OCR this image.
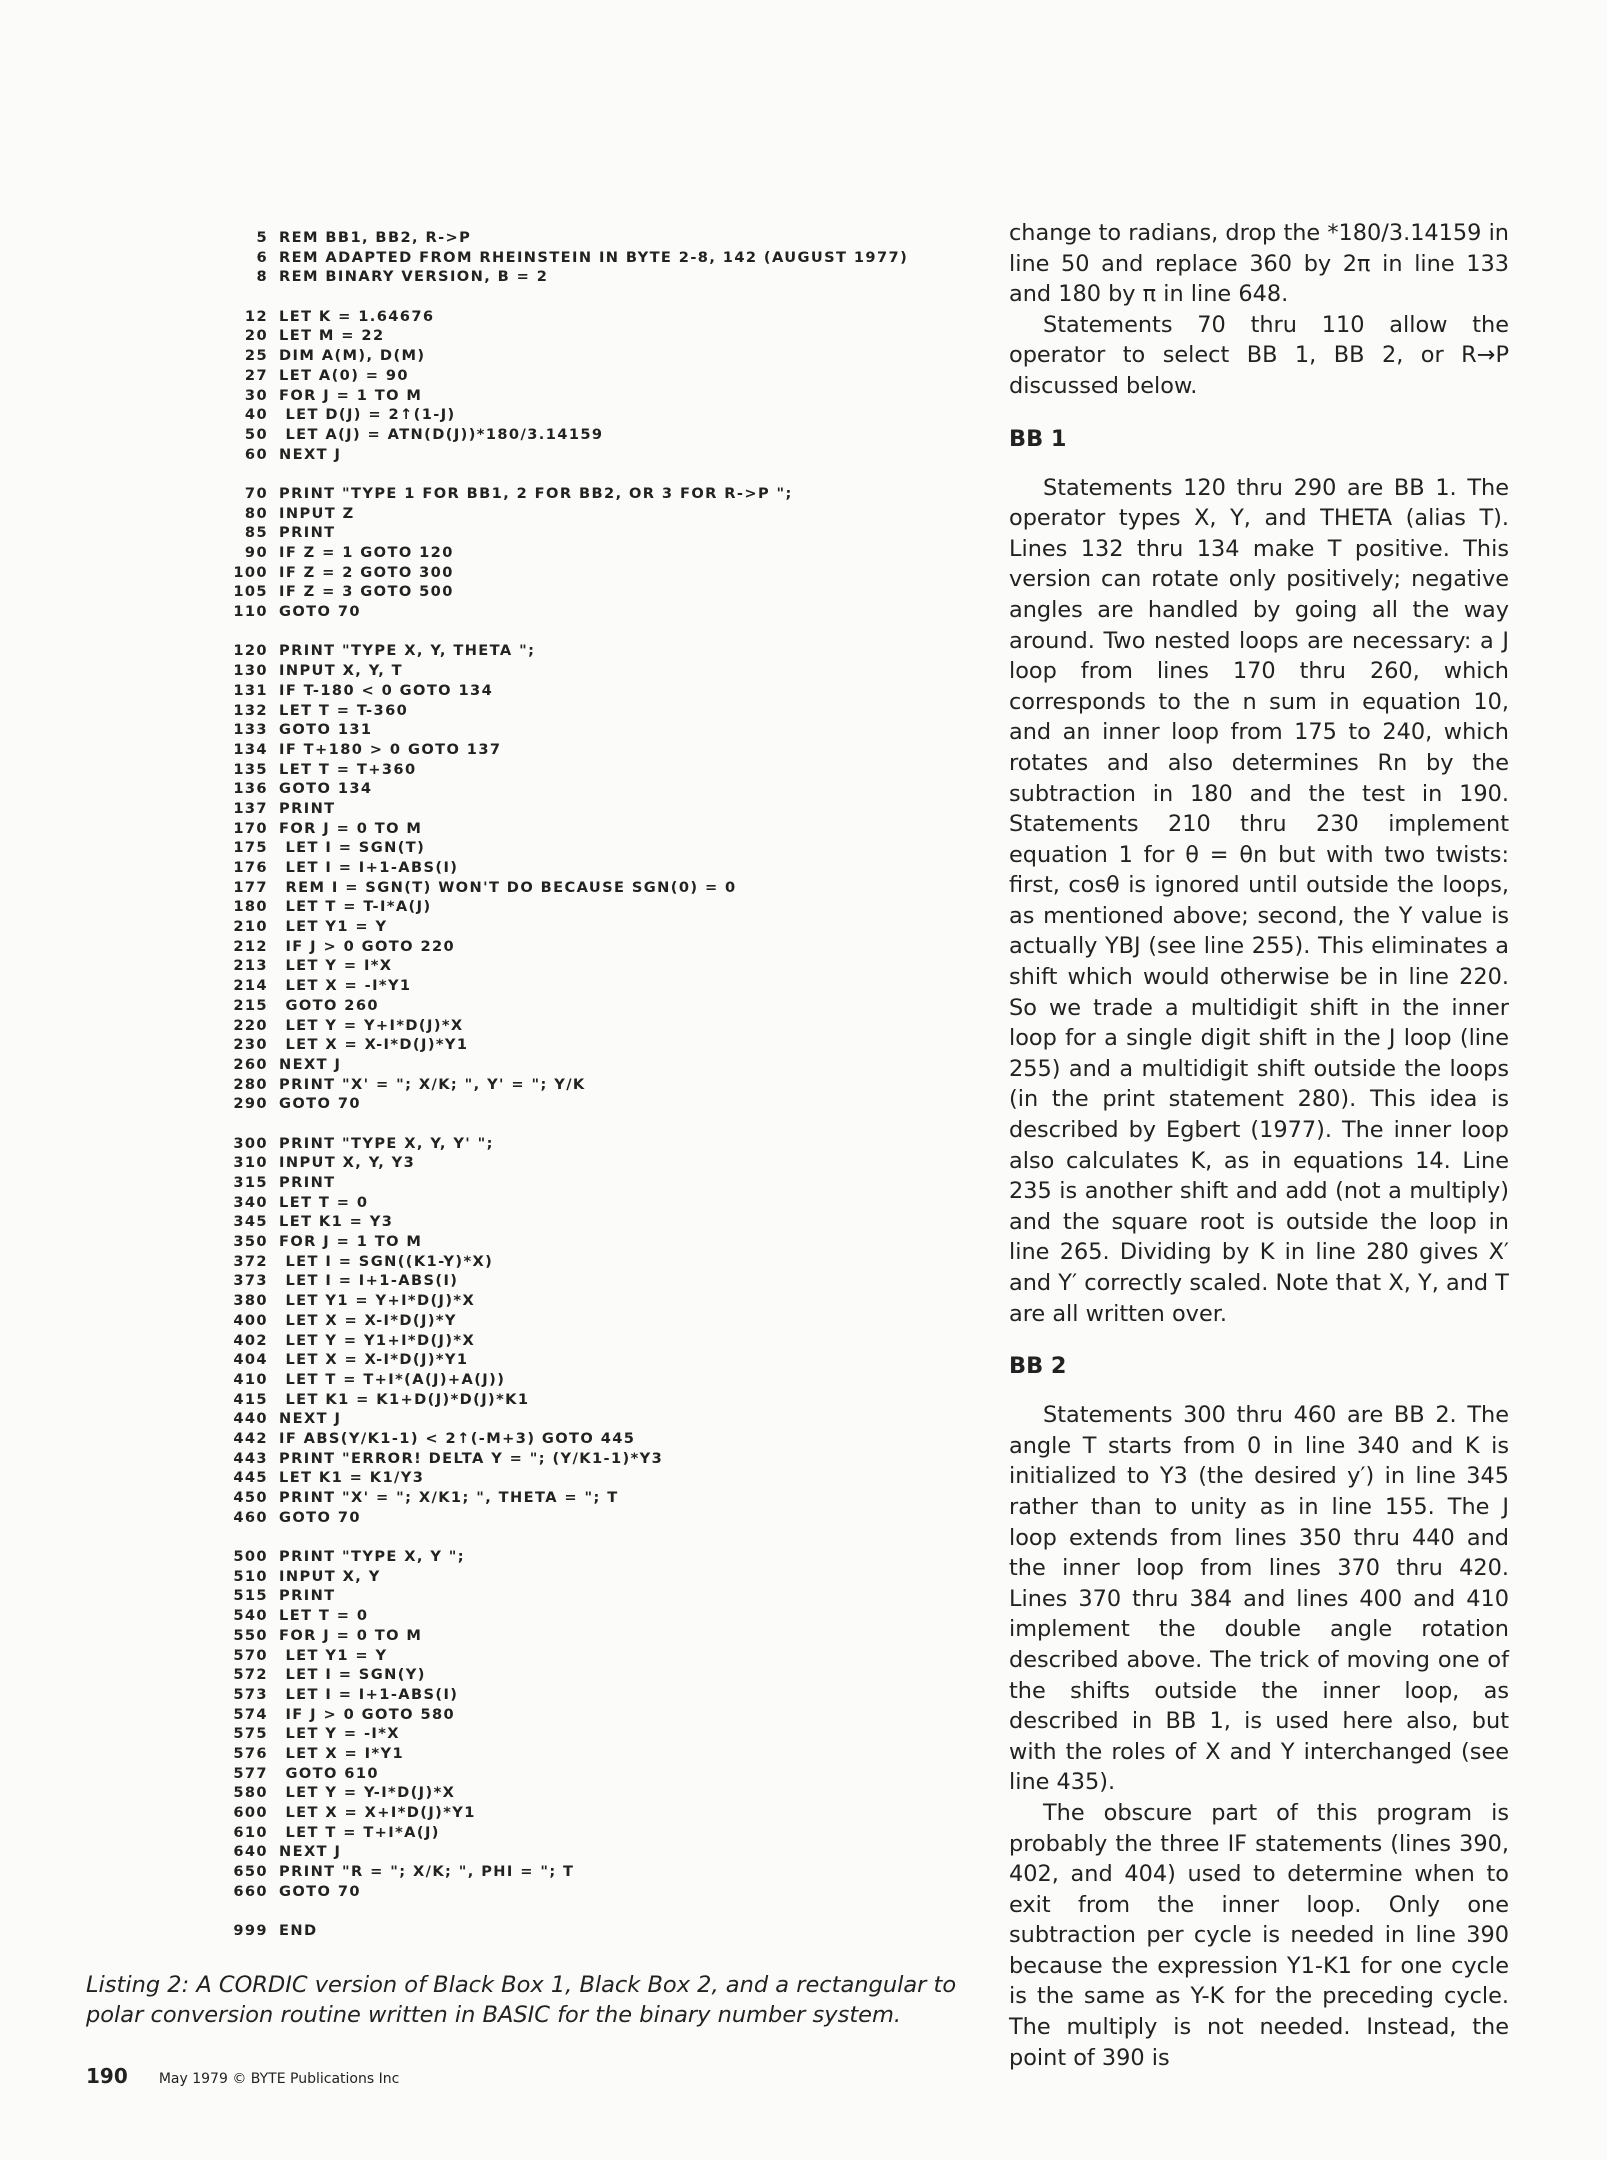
5 REM BB1, BB2, R->P
6 REM ADAPTED FROM RHEINSTEIN IN BYTE 2-8, 142 (AUGUST 1977)
8 REM BINARY VERSION, B = 2
12 LET K = 1.64676
20 LET M = 22
25 DIM A(M), D(M)
27 LET A(0) = 90
30 FOR J = 1 TO M
40 LET D(J) = 2↑(1-J)
50 LET A(J) = ATN(D(J))*180/3.14159
60 NEXT J
70 PRINT "TYPE 1 FOR BB1, 2 FOR BB2, OR 3 FOR R->P ";
80 INPUT Z
85 PRINT
90 IF Z = 1 GOTO 120
100 IF Z = 2 GOTO 300
105 IF Z = 3 GOTO 500
110 GOTO 70
120 PRINT "TYPE X, Y, THETA ";
130 INPUT X, Y, T
131 IF T-180 < 0 GOTO 134
132 LET T = T-360
133 GOTO 131
134 IF T+180 > 0 GOTO 137
135 LET T = T+360
136 GOTO 134
137 PRINT
170 FOR J = 0 TO M
175 LET I = SGN(T)
176 LET I = I+1-ABS(I)
177 REM I = SGN(T) WON'T DO BECAUSE SGN(0) = 0
180 LET T = T-I*A(J)
210 LET Y1 = Y
212 IF J > 0 GOTO 220
213 LET Y = I*X
214 LET X = -I*Y1
215 GOTO 260
220 LET Y = Y+I*D(J)*X
230 LET X = X-I*D(J)*Y1
260 NEXT J
280 PRINT "X' = "; X/K; ", Y' = "; Y/K
290 GOTO 70
300 PRINT "TYPE X, Y, Y' ";
310 INPUT X, Y, Y3
315 PRINT
340 LET T = 0
345 LET K1 = Y3
350 FOR J = 1 TO M
372 LET I = SGN((K1-Y)*X)
373 LET I = I+1-ABS(I)
380 LET Y1 = Y+I*D(J)*X
400 LET X = X-I*D(J)*Y
402 LET Y = Y1+I*D(J)*X
404 LET X = X-I*D(J)*Y1
410 LET T = T+I*(A(J)+A(J))
415 LET K1 = K1+D(J)*D(J)*K1
440 NEXT J
442 IF ABS(Y/K1-1) < 2↑(-M+3) GOTO 445
443 PRINT "ERROR! DELTA Y = "; (Y/K1-1)*Y3
445 LET K1 = K1/Y3
450 PRINT "X' = "; X/K1; ", THETA = "; T
460 GOTO 70
500 PRINT "TYPE X, Y ";
510 INPUT X, Y
515 PRINT
540 LET T = 0
550 FOR J = 0 TO M
570 LET Y1 = Y
572 LET I = SGN(Y)
573 LET I = I+1-ABS(I)
574 IF J > 0 GOTO 580
575 LET Y = -I*X
576 LET X = I*Y1
577 GOTO 610
580 LET Y = Y-I*D(J)*X
600 LET X = X+I*D(J)*Y1
610 LET T = T+I*A(J)
640 NEXT J
650 PRINT "R = "; X/K; ", PHI = "; T
660 GOTO 70
999 END
Listing 2: A CORDIC version of Black Box 1, Black Box 2, and a rectangular to polar conversion routine written in BASIC for the binary number system.
190 May 1979 © BYTE Publications Inc

change to radians, drop the *180/3.14159 in line 50 and replace 360 by 2π in line 133 and 180 by π in line 648.

Statements 70 thru 110 allow the operator to select BB 1, BB 2, or R→P discussed below.

BB 1

Statements 120 thru 290 are BB 1. The operator types X, Y, and THETA (alias T). Lines 132 thru 134 make T positive. This version can rotate only positively; negative angles are handled by going all the way around. Two nested loops are necessary: a J loop from lines 170 thru 260, which corresponds to the n sum in equation 10, and an inner loop from 175 to 240, which rotates and also determines Rn by the subtraction in 180 and the test in 190. Statements 210 thru 230 implement equation 1 for θ = θn but with two twists: first, cosθ is ignored until outside the loops, as mentioned above; second, the Y value is actually YBJ (see line 255). This eliminates a shift which would otherwise be in line 220. So we trade a multidigit shift in the inner loop for a single digit shift in the J loop (line 255) and a multidigit shift outside the loops (in the print statement 280). This idea is described by Egbert (1977). The inner loop also calculates K, as in equations 14. Line 235 is another shift and add (not a multiply) and the square root is outside the loop in line 265. Dividing by K in line 280 gives X′ and Y′ correctly scaled. Note that X, Y, and T are all written over.

BB 2

Statements 300 thru 460 are BB 2. The angle T starts from 0 in line 340 and K is initialized to Y3 (the desired y′) in line 345 rather than to unity as in line 155. The J loop extends from lines 350 thru 440 and the inner loop from lines 370 thru 420. Lines 370 thru 384 and lines 400 and 410 implement the double angle rotation described above. The trick of moving one of the shifts outside the inner loop, as described in BB 1, is used here also, but with the roles of X and Y interchanged (see line 435).

The obscure part of this program is probably the three IF statements (lines 390, 402, and 404) used to determine when to exit from the inner loop. Only one subtraction per cycle is needed in line 390 because the expression Y1-K1 for one cycle is the same as Y-K for the preceding cycle. The multiply is not needed. Instead, the point of 390 is
